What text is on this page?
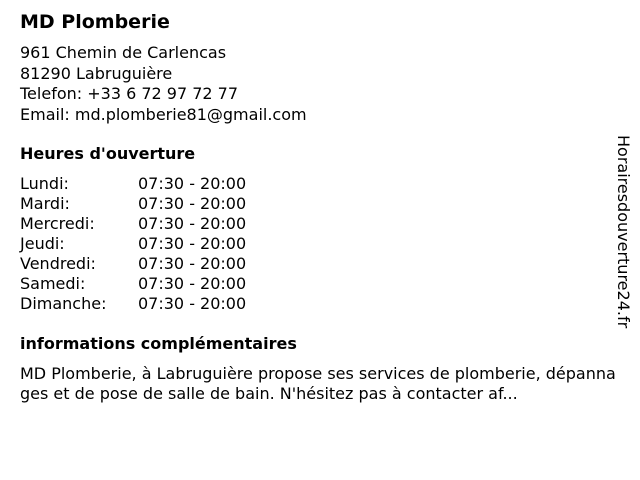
MD Plomberie
961 Chemin de Carlencas
81290 Labruguière
Telefon: +33 6 72 97 72 77
Email: md.plomberie81@gmail.com
Heures d'ouverture
Lundi:	07:30 - 20:00
Mardi:	07:30 - 20:00
Mercredi:	07:30 - 20:00
Jeudi:	07:30 - 20:00
Vendredi:	07:30 - 20:00
Samedi:	07:30 - 20:00
Dimanche:	07:30 - 20:00
informations complémentaires
MD Plomberie, à Labruguière propose ses services de plomberie, dépannages et de pose de salle de bain. N'hésitez pas à contacter af...
Horairesdouverture24.fr
